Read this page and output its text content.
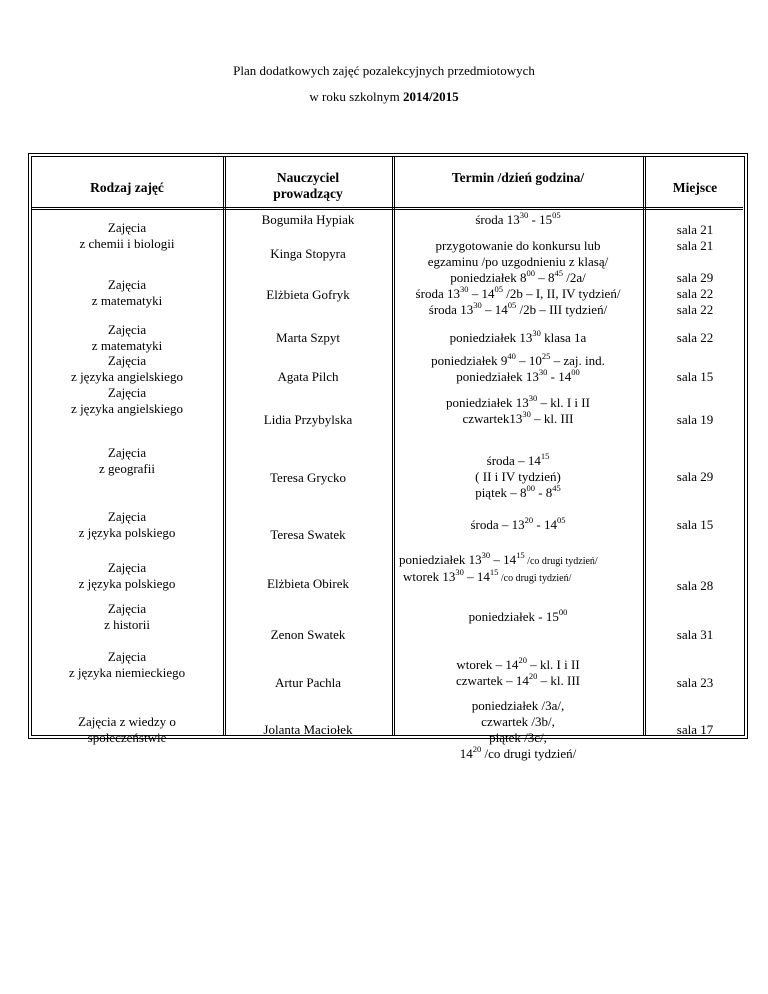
Plan dodatkowych zajęć pozalekcyjnych przedmiotowych
w roku szkolnym 2014/2015
Rodzaj zajęć
Nauczyciel
prowadzący
Termin /dzień godzina/
Miejsce
Zajęcia
z chemii i biologii
Zajęcia
z matematyki
Zajęcia
z matematyki
Zajęcia
z języka angielskiego
Zajęcia
z języka angielskiego
Zajęcia
z geografii
Zajęcia
z języka polskiego
Zajęcia
z języka polskiego
Zajęcia
z historii
Zajęcia
z języka niemieckiego
Zajęcia z wiedzy o
społeczeństwie
Bogumiła Hypiak
Kinga Stopyra
Elżbieta Gofryk
Marta Szpyt
Agata Pilch
Lidia Przybylska
Teresa Grycko
Teresa Swatek
Elżbieta Obirek
Zenon Swatek
Artur Pachla
Jolanta Maciołek
środa $13^{30} - 15^{05}$
przygotowanie do konkursu lub
egzaminu /po uzgodnieniu z klasą/
poniedziałek $8^{00} - 8^{45}$ /2a/
środa $13^{30} - 14^{05}$ /2b – I, II, IV tydzień/
środa $13^{30} - 14^{05}$ /2b – III tydzień/
poniedziałek $13^{30}$ klasa 1a
poniedziałek $9^{40} - 10^{25}$ – zaj. ind.
poniedziałek $13^{30} - 14^{00}$
poniedziałek $13^{30}$ – kl. I i II
$czwartek13^{30}$ – kl. III
środa – $14^{15}$
( II i IV tydzień)
piątek – $8^{00} - 8^{45}$
środa – $13^{20} - 14^{05}$
poniedziałek $13^{30} - 14^{15}$ /co drugi tydzień/
wtorek $13^{30} - 14^{15}$ /co drugi tydzień/
poniedziałek - $15^{00}$
wtorek – $14^{20}$ – kl. I i II
czwartek – $14^{20}$ – kl. III
poniedziałek /3a/,
czwartek /3b/,
piątek /3c/,
$14^{20}$ /co drugi tydzień/
sala 21
sala 21
sala 29
sala 22
sala 22
sala 22
sala 15
sala 19
sala 29
sala 15
sala 28
sala 31
sala 23
sala 17
